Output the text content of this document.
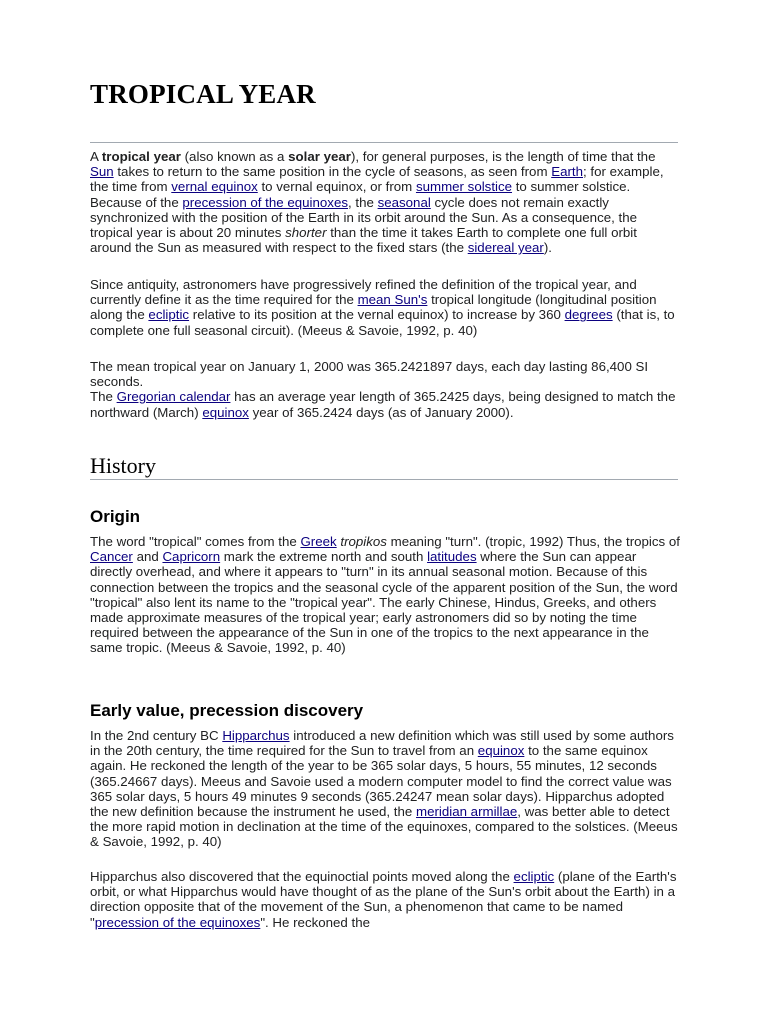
TROPICAL YEAR

A tropical year (also known as a solar year), for general purposes, is the length of time that the Sun takes to return to the same position in the cycle of seasons, as seen from Earth; for example, the time from vernal equinox to vernal equinox, or from summer solstice to summer solstice. Because of the precession of the equinoxes, the seasonal cycle does not remain exactly synchronized with the position of the Earth in its orbit around the Sun. As a consequence, the tropical year is about 20 minutes shorter than the time it takes Earth to complete one full orbit around the Sun as measured with respect to the fixed stars (the sidereal year).

Since antiquity, astronomers have progressively refined the definition of the tropical year, and currently define it as the time required for the mean Sun's tropical longitude (longitudinal position along the ecliptic relative to its position at the vernal equinox) to increase by 360 degrees (that is, to complete one full seasonal circuit). (Meeus & Savoie, 1992, p. 40)

The mean tropical year on January 1, 2000 was 365.2421897 days, each day lasting 86,400 SI seconds.
The Gregorian calendar has an average year length of 365.2425 days, being designed to match the northward (March) equinox year of 365.2424 days (as of January 2000).

History
Origin

The word "tropical" comes from the Greek tropikos meaning "turn". (tropic, 1992) Thus, the tropics of Cancer and Capricorn mark the extreme north and south latitudes where the Sun can appear directly overhead, and where it appears to "turn" in its annual seasonal motion. Because of this connection between the tropics and the seasonal cycle of the apparent position of the Sun, the word "tropical" also lent its name to the "tropical year". The early Chinese, Hindus, Greeks, and others made approximate measures of the tropical year; early astronomers did so by noting the time required between the appearance of the Sun in one of the tropics to the next appearance in the same tropic. (Meeus & Savoie, 1992, p. 40)

Early value, precession discovery

In the 2nd century BC Hipparchus introduced a new definition which was still used by some authors in the 20th century, the time required for the Sun to travel from an equinox to the same equinox again. He reckoned the length of the year to be 365 solar days, 5 hours, 55 minutes, 12 seconds (365.24667 days). Meeus and Savoie used a modern computer model to find the correct value was 365 solar days, 5 hours 49 minutes 9 seconds (365.24247 mean solar days). Hipparchus adopted the new definition because the instrument he used, the meridian armillae, was better able to detect the more rapid motion in declination at the time of the equinoxes, compared to the solstices. (Meeus & Savoie, 1992, p. 40)

Hipparchus also discovered that the equinoctial points moved along the ecliptic (plane of the Earth's orbit, or what Hipparchus would have thought of as the plane of the Sun's orbit about the Earth) in a direction opposite that of the movement of the Sun, a phenomenon that came to be named "precession of the equinoxes". He reckoned the
